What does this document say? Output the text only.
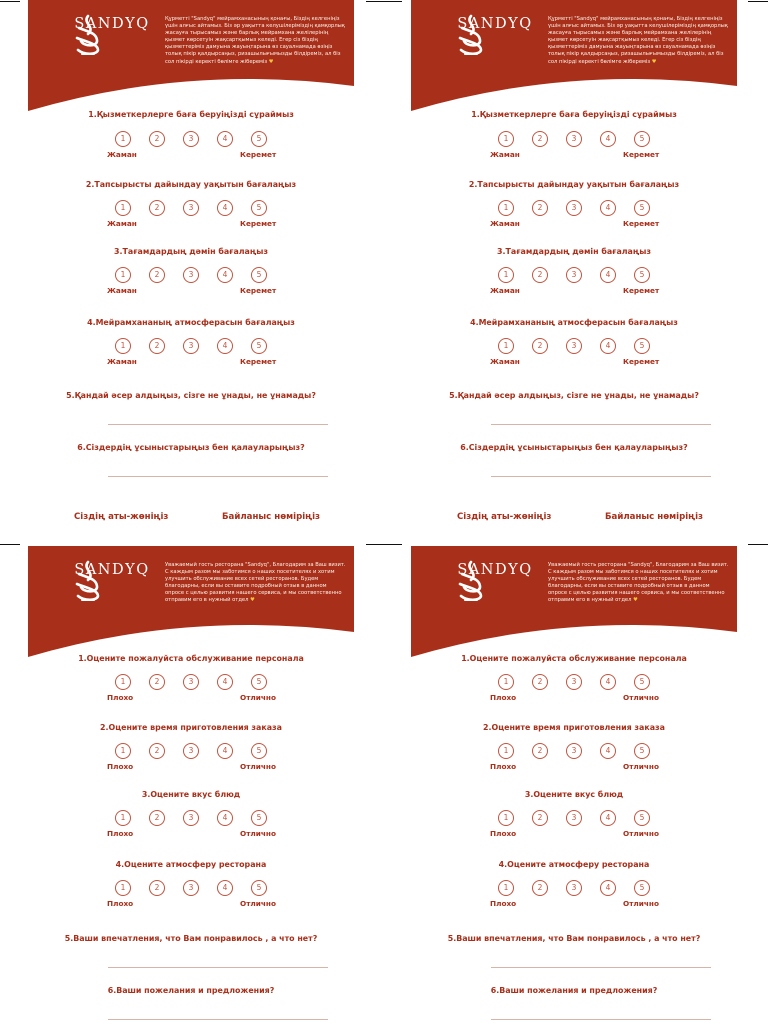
SANDYQ	Құрметті "Sandyq" мейрамханасының қонағы, Біздің келгеніңіз үшін алғыс айтамыз. Біз әр уақытта келушілеріміздің қамқорлық жасауға тырысамыз және барлық мейрамхана желілерінің қызмет көрсетуін жақсартқымыз келеді. Егер сіз біздің қызметтеріміз дамуына жауыңтарына өз сауалнамада өзіңіз толық пікір қалдырсаңыз, ризашылығымызды білдіреміз, ал біз сол пікірді керекті бөлімге жібереміз ♥
1.Қызметкерлерге баға беруіңізді сұраймыз
1	2	3	4	5
Жаман	Керемет
2.Тапсырысты дайындау уақытын бағалаңыз
1	2	3	4	5
Жаман	Керемет
3.Тағамдардың дәмін бағалаңыз
1	2	3	4	5
Жаман	Керемет
4.Мейрамхананың атмосферасын бағалаңыз
1	2	3	4	5
Жаман	Керемет
5.Қандай әсер алдыңыз, сізге не ұнады, не ұнамады?
6.Сіздердің ұсыныстарыңыз бен қалауларыңыз?
SANDYQ	Құрметті "Sandyq" мейрамханасының қонағы, Біздің келгеніңіз үшін алғыс айтамыз. Біз әр уақытта келушілеріміздің қамқорлық жасауға тырысамыз және барлық мейрамхана желілерінің қызмет көрсетуін жақсартқымыз келеді. Егер сіз біздің қызметтеріміз дамуына жауыңтарына өз сауалнамада өзіңіз толық пікір қалдырсаңыз, ризашылығымызды білдіреміз, ал біз сол пікірді керекті бөлімге жібереміз ♥
1.Қызметкерлерге баға беруіңізді сұраймыз
1	2	3	4	5
Жаман	Керемет
2.Тапсырысты дайындау уақытын бағалаңыз
1	2	3	4	5
Жаман	Керемет
3.Тағамдардың дәмін бағалаңыз
1	2	3	4	5
Жаман	Керемет
4.Мейрамхананың атмосферасын бағалаңыз
1	2	3	4	5
Жаман	Керемет
5.Қандай әсер алдыңыз, сізге не ұнады, не ұнамады?
6.Сіздердің ұсыныстарыңыз бен қалауларыңыз?
Сіздің аты-жөніңіз	Байланыс нөміріңіз	Сіздің аты-жөніңіз	Байланыс нөміріңіз
SANDYQ	Уважаемый гость ресторана "Sandyq", Благодарим за Ваш визит. С каждым разом мы заботимся о наших посетителях и хотим улучшить обслуживание всех сетей ресторанов. Будем благодарны, если вы оставите подробный отзыв в данном опросе с целью развития нашего сервиса, и мы соответственно отправим его в нужный отдел ♥
1.Оцените пожалуйста обслуживание персонала
1	2	3	4	5
Плохо	Отлично
2.Оцените время приготовления заказа
1	2	3	4	5
Плохо	Отлично
3.Оцените вкус блюд
1	2	3	4	5
Плохо	Отлично
4.Оцените атмосферу ресторана
1	2	3	4	5
Плохо	Отлично
5.Ваши впечатления, что Вам понравилось , а что нет?
6.Ваши пожелания и предложения?
SANDYQ	Уважаемый гость ресторана "Sandyq", Благодарим за Ваш визит. С каждым разом мы заботимся о наших посетителях и хотим улучшить обслуживание всех сетей ресторанов. Будем благодарны, если вы оставите подробный отзыв в данном опросе с целью развития нашего сервиса, и мы соответственно отправим его в нужный отдел ♥
1.Оцените пожалуйста обслуживание персонала
1	2	3	4	5
Плохо	Отлично
2.Оцените время приготовления заказа
1	2	3	4	5
Плохо	Отлично
3.Оцените вкус блюд
1	2	3	4	5
Плохо	Отлично
4.Оцените атмосферу ресторана
1	2	3	4	5
Плохо	Отлично
5.Ваши впечатления, что Вам понравилось , а что нет?
6.Ваши пожелания и предложения?
